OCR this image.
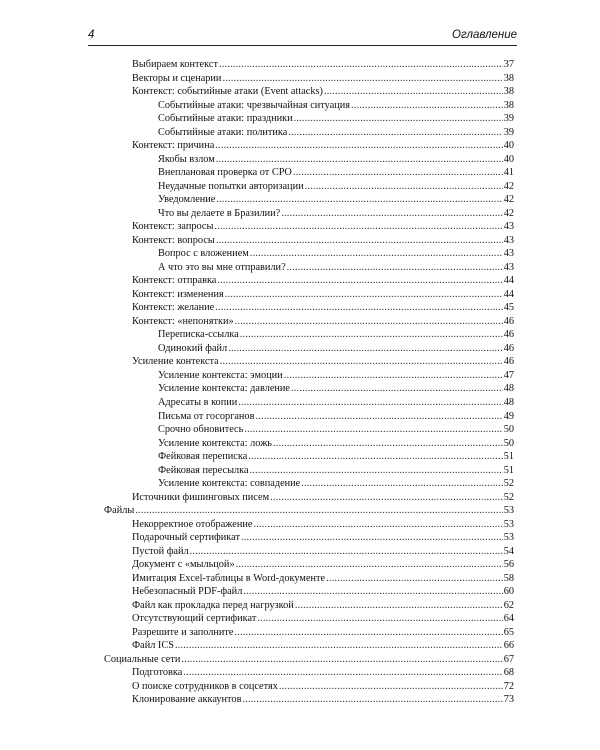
4	Оглавление
Выбираем контекст .....	37
Векторы и сценарии .....	38
Контекст: событийные атаки (Event attacks) .....	38
Событийные атаки: чрезвычайная ситуация .....	38
Событийные атаки: праздники .....	39
Событийные атаки: политика .....	39
Контекст: причина .....	40
Якобы взлом .....	40
Внеплановая проверка от CPO .....	41
Неудачные попытки авторизации .....	42
Уведомление .....	42
Что вы делаете в Бразилии? .....	42
Контекст: запросы .....	43
Контекст: вопросы .....	43
Вопрос с вложением .....	43
А что это вы мне отправили? .....	43
Контекст: отправка .....	44
Контекст: изменения .....	44
Контекст: желание .....	45
Контекст: «непонятки» .....	46
Переписка-ссылка .....	46
Одинокий файл .....	46
Усиление контекста .....	46
Усиление контекста: эмоции .....	47
Усиление контекста: давление .....	48
Адресаты в копии .....	48
Письма от госорганов .....	49
Срочно обновитесь .....	50
Усиление контекста: ложь .....	50
Фейковая переписка .....	51
Фейковая пересылка .....	51
Усиление контекста: совпадение .....	52
Источники фишинговых писем .....	52
Файлы .....	53
Некорректное отображение .....	53
Подарочный сертификат .....	53
Пустой файл .....	54
Документ с «мыльцой» .....	56
Имитация Excel-таблицы в Word-документе .....	58
Небезопасный PDF-файл .....	60
Файл как прокладка перед нагрузкой .....	62
Отсутствующий сертификат .....	64
Разрешите и заполните .....	65
Файл ICS .....	66
Социальные сети .....	67
Подготовка .....	68
О поиске сотрудников в соцсетях .....	72
Клонирование аккаунтов .....	73
